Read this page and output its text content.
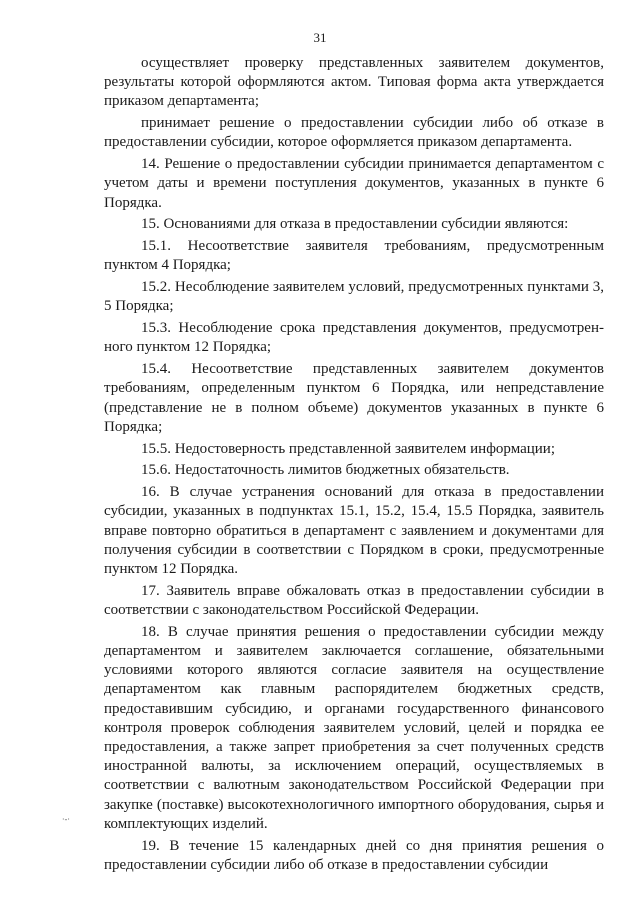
31

осуществляет проверку представленных заявителем документов, результаты которой оформляются актом. Типовая форма акта утверждается приказом департамента;

принимает решение о предоставлении субсидии либо об отказе в предоставлении субсидии, которое оформляется приказом департамента.

14. Решение о предоставлении субсидии принимается департаментом с учетом даты и времени поступления документов, указанных в пункте 6 Порядка.

15. Основаниями для отказа в предоставлении субсидии являются:

15.1. Несоответствие заявителя требованиям, предусмотренным пунктом 4 Порядка;

15.2. Несоблюдение заявителем условий, предусмотренных пунктами 3, 5 Порядка;

15.3. Несоблюдение срока представления документов, предусмотренного пунктом 12 Порядка;

15.4. Несоответствие представленных заявителем документов требованиям, определенным пунктом 6 Порядка, или непредставление (представление не в полном объеме) документов указанных в пункте 6 Порядка;

15.5. Недостоверность представленной заявителем информации;

15.6. Недостаточность лимитов бюджетных обязательств.

16. В случае устранения оснований для отказа в предоставлении субсидии, указанных в подпунктах 15.1, 15.2, 15.4, 15.5 Порядка, заявитель вправе повторно обратиться в департамент с заявлением и документами для получения субсидии в соответствии с Порядком в сроки, предусмотренные пунктом 12 Порядка.

17. Заявитель вправе обжаловать отказ в предоставлении субсидии в соответствии с законодательством Российской Федерации.

18. В случае принятия решения о предоставлении субсидии между департаментом и заявителем заключается соглашение, обязательными условиями которого являются согласие заявителя на осуществление департаментом как главным распорядителем бюджетных средств, предоставившим субсидию, и органами государственного финансового контроля проверок соблюдения заявителем условий, целей и порядка ее предоставления, а также запрет приобретения за счет полученных средств иностранной валюты, за исключением операций, осуществляемых в соответствии с валютным законодательством Российской Федерации при закупке (поставке) высокотехнологичного импортного оборудования, сырья и комплектующих изделий.

19. В течение 15 календарных дней со дня принятия решения о предоставлении субсидии либо об отказе в предоставлении субсидии

·‑·
